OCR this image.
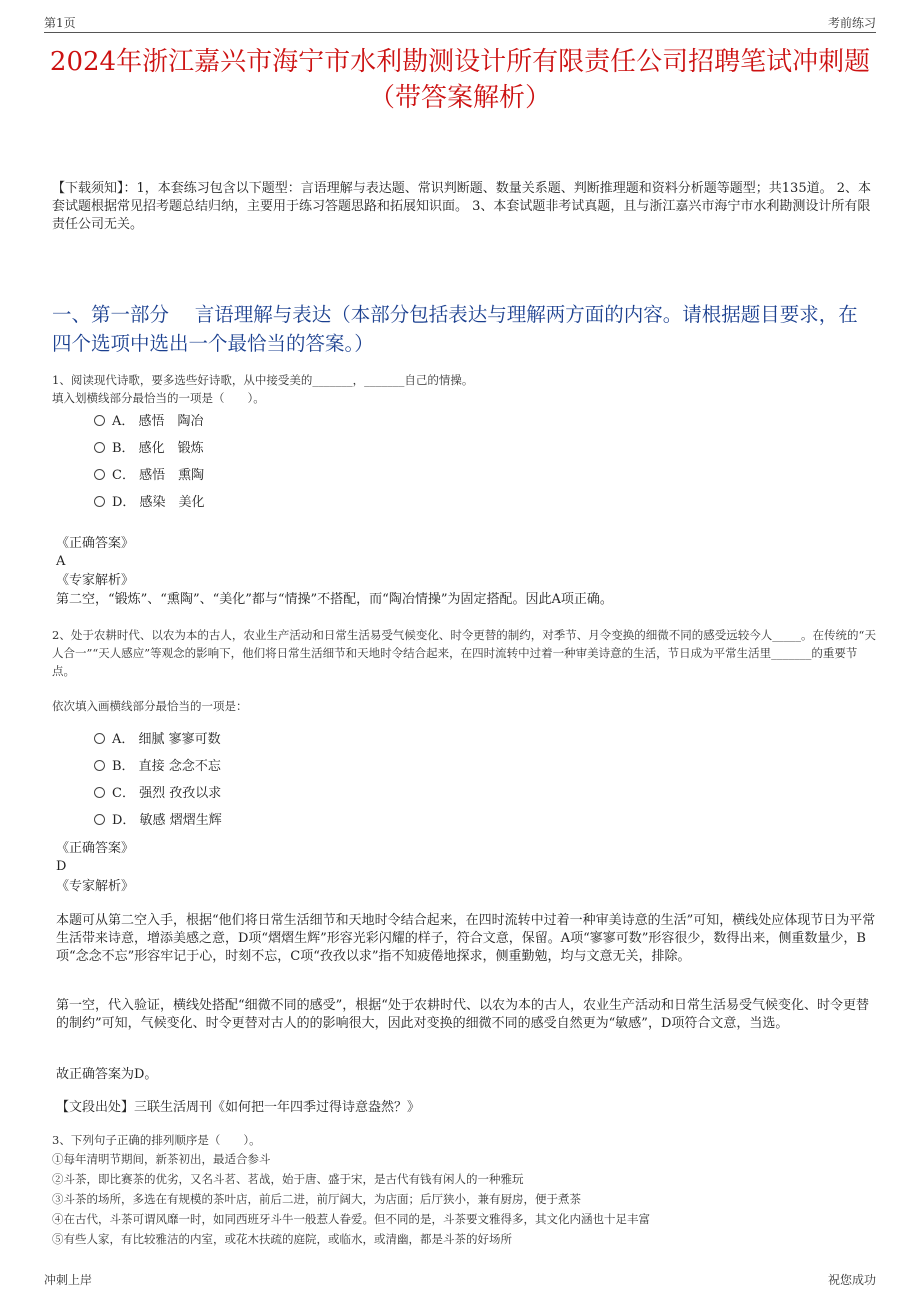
第1页	考前练习
2024年浙江嘉兴市海宁市水利勘测设计所有限责任公司招聘笔试冲刺题（带答案解析）
【下载须知】：1，本套练习包含以下题型：言语理解与表达题、常识判断题、数量关系题、判断推理题和资料分析题等题型；共135道。 2、本套试题根据常见招考题总结归纳，主要用于练习答题思路和拓展知识面。 3、本套试题非考试真题，且与浙江嘉兴市海宁市水利勘测设计所有限责任公司无关。
一、第一部分　 言语理解与表达（本部分包括表达与理解两方面的内容。请根据题目要求，在四个选项中选出一个最恰当的答案。）
1、阅读现代诗歌，要多选些好诗歌，从中接受美的_______，_______自己的情操。
填入划横线部分最恰当的一项是（　　）。
A． 感悟　陶冶
B． 感化　锻炼
C． 感悟　熏陶
D． 感染　美化
《正确答案》
A
《专家解析》
第二空，“锻炼”、“熏陶”、“美化”都与“情操”不搭配，而“陶冶情操”为固定搭配。因此A项正确。
2、处于农耕时代、以农为本的古人，农业生产活动和日常生活易受气候变化、时令更替的制约，对季节、月令变换的细微不同的感受远较今人_____。在传统的“天人合一”“天人感应”等观念的影响下，他们将日常生活细节和天地时令结合起来，在四时流转中过着一种审美诗意的生活，节日成为平常生活里_______的重要节点。
依次填入画横线部分最恰当的一项是：
A． 细腻 寥寥可数
B． 直接 念念不忘
C． 强烈 孜孜以求
D． 敏感 熠熠生辉
《正确答案》
D
《专家解析》
本题可从第二空入手，根据“他们将日常生活细节和天地时令结合起来，在四时流转中过着一种审美诗意的生活”可知，横线处应体现节日为平常生活带来诗意，增添美感之意，D项“熠熠生辉”形容光彩闪耀的样子，符合文意，保留。A项“寥寥可数”形容很少，数得出来，侧重数量少，B项“念念不忘”形容牢记于心，时刻不忘，C项“孜孜以求”指不知疲倦地探求，侧重勤勉，均与文意无关，排除。
第一空，代入验证，横线处搭配“细微不同的感受”，根据“处于农耕时代、以农为本的古人，农业生产活动和日常生活易受气候变化、时令更替的制约”可知，气候变化、时令更替对古人的的影响很大，因此对变换的细微不同的感受自然更为“敏感”，D项符合文意，当选。
故正确答案为D。
【文段出处】三联生活周刊《如何把一年四季过得诗意盎然？》
3、下列句子正确的排列顺序是（　　）。
①每年清明节期间，新茶初出，最适合参斗
②斗茶，即比赛茶的优劣，又名斗茗、茗战，始于唐、盛于宋，是古代有钱有闲人的一种雅玩
③斗茶的场所，多选在有规模的茶叶店，前后二进，前厅阔大，为店面；后厅狭小，兼有厨房，便于煮茶
④在古代，斗茶可谓风靡一时，如同西班牙斗牛一般惹人眷爱。但不同的是，斗茶要文雅得多，其文化内涵也十足丰富
⑤有些人家，有比较雅洁的内室，或花木扶疏的庭院，或临水，或清幽，都是斗茶的好场所
冲刺上岸	祝您成功
